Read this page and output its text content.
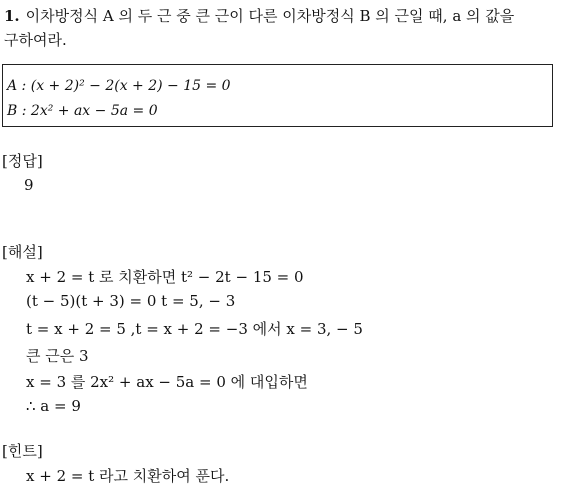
1. 이차방정식 A 의 두 근 중 큰 근이 다른 이차방정식 B 의 근일 때, a 의 값을
구하여라.
A : (x + 2)² − 2(x + 2) − 15 = 0
B : 2x² + ax − 5a = 0
[정답]
9
[해설]
x + 2 = t 로 치환하면 t² − 2t − 15 = 0
(t − 5)(t + 3) = 0 t = 5, − 3
t = x + 2 = 5 ,t = x + 2 = −3 에서 x = 3, − 5
큰 근은 3
x = 3 를 2x² + ax − 5a = 0 에 대입하면
∴ a = 9
[힌트]
x + 2 = t 라고 치환하여 푼다.
